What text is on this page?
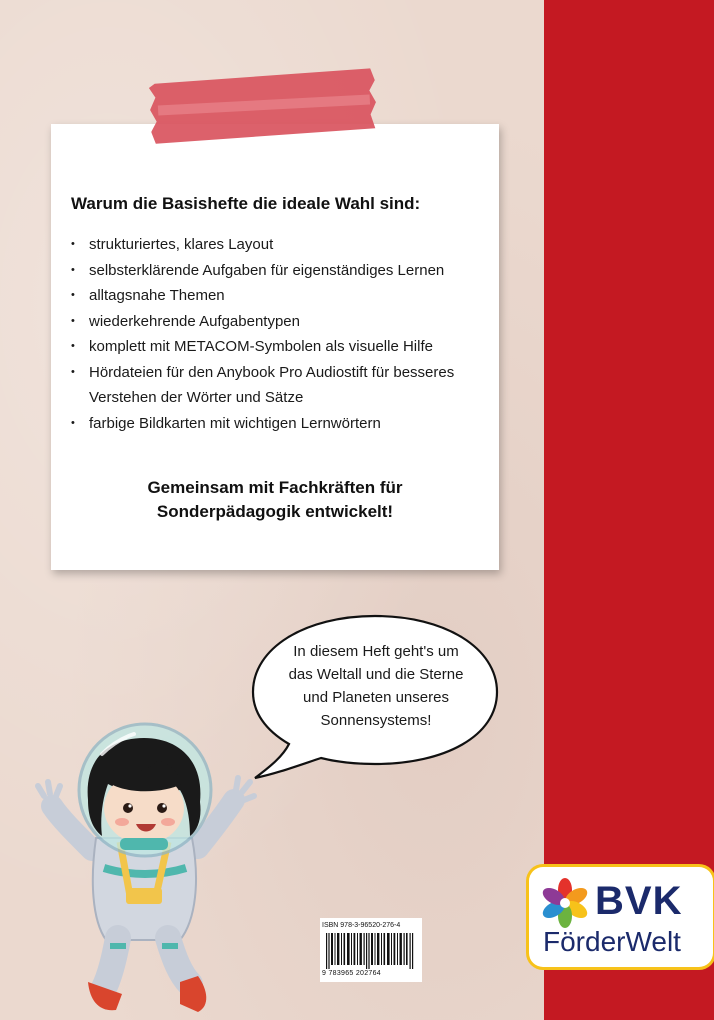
Warum die Basishefte die ideale Wahl sind:
• strukturiertes, klares Layout
• selbsterklärende Aufgaben für eigenständiges Lernen
• alltagsnahe Themen
• wiederkehrende Aufgabentypen
• komplett mit METACOM-Symbolen als visuelle Hilfe
• Hördateien für den Anybook Pro Audiostift für besseres Verstehen der Wörter und Sätze
• farbige Bildkarten mit wichtigen Lernwörtern

Gemeinsam mit Fachkräften für
Sonderpädagogik entwickelt!

In diesem Heft geht's um
das Weltall und die Sterne
und Planeten unseres
Sonnensystems!

ISBN 978-3-96520-276-4

9 783965 202764

BVK

FörderWelt
